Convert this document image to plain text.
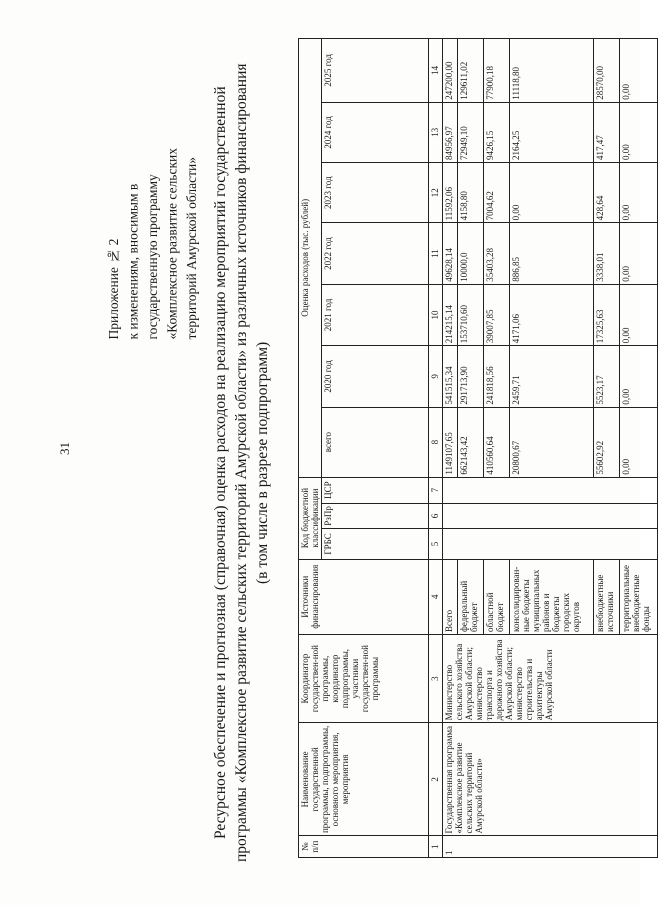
31
Приложение № 2 к изменениям, вносимым в государственную программу «Комплексное развитие сельских территорий Амурской области» Ресурсное обеспечение и прогнозная (справочная) оценка расходов на реализацию мероприятий государственной программы «Комплексное развитие сельских территорий Амурской области» из различных источников финансирования (в том числе в разрезе подпрограмм)
№ п/п	Наименование государственной программы, подпрограммы, основного мероприятия, мероприятия	Координатор государствен-ной программы, координатор подпрограммы, участники государствен-ной программы	Источники финансирования	Код бюджетной классификации			Оценка расходов (тыс. рублей)						
				ГРБС	РзПр	ЦСР	всего	2020 год	2021 год	2022 год	2023 год	2024 год	2025 год
1	2	3	4	5	6	7	8	9	10	11	12	13	14
1	Государственная программа «Комплексное развитие сельских территорий Амурской области»	Министерство сельского хозяйства Амурской области; министерство транспорта и дорожного хозяйства Амурской области; министерство строительства и архитектуры Амурской области	Всего				1149107,65	541515,34	214215,14	49628,14	11592,06	84956,97	247200,00
			федеральный бюджет				662143,42	291713,90	153710,60	10000,0	4158,80	72949,10	129611,02
			областной бюджет				410560,64	241818,56	39007,85	35403,28	7004,62	9426,15	77900,18
			консолидирован-ные бюджеты муниципальных районов и бюджеты городских округов				20800,67	2459,71	4171,06	886,85	0,00	2164,25	11118,80
			внебюджетные источники				55602,92	5523,17	17325,63	3338,01	428,64	417,47	28570,00
			территориальные внебюджетные фонды				0,00	0,00	0,00	0,00	0,00	0,00	0,00
